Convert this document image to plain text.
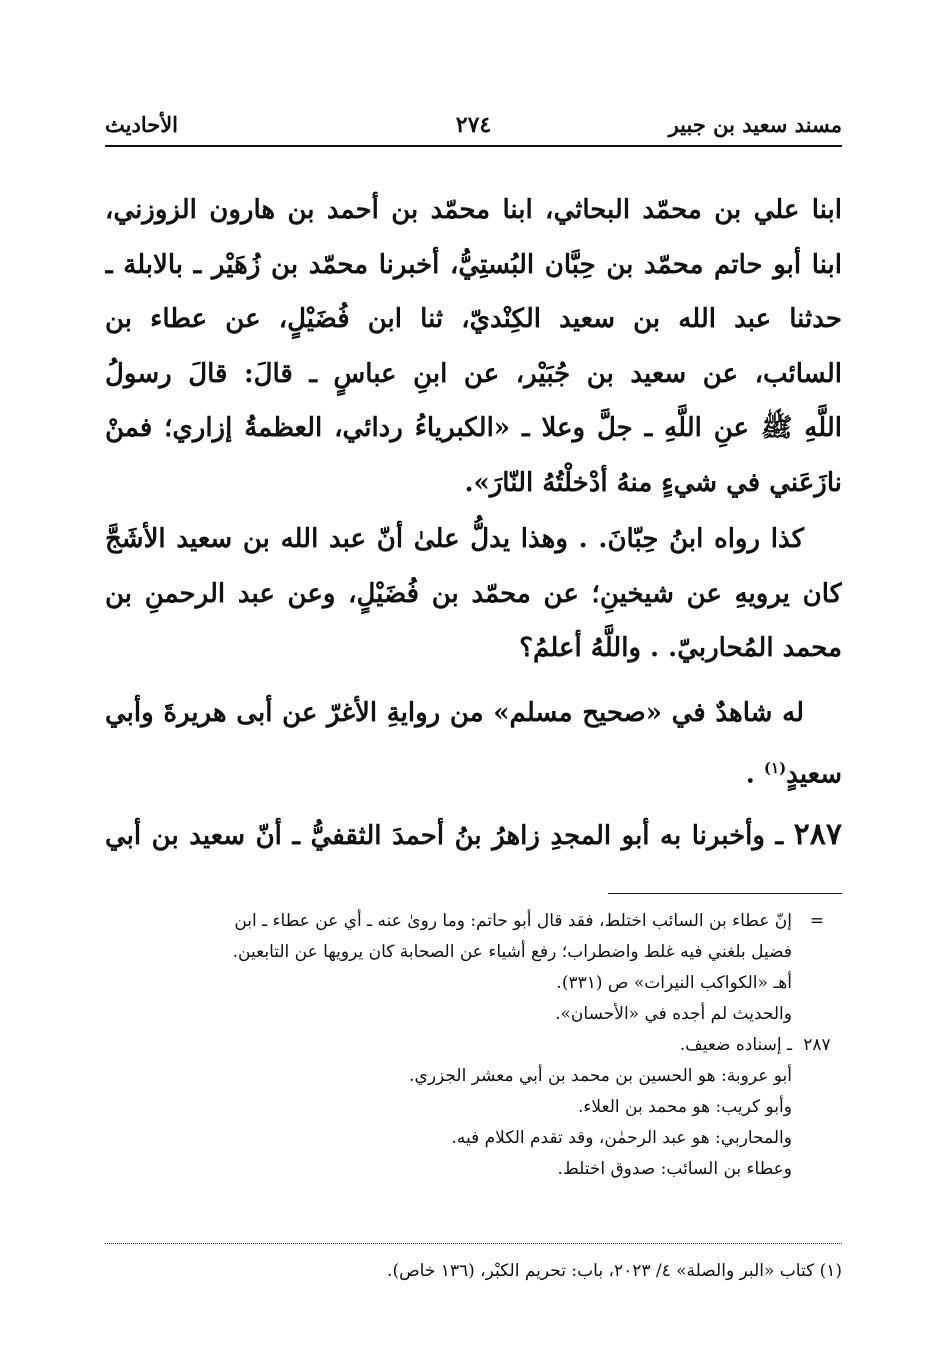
مسند سعيد بن جبير
٢٧٤
الأحاديث
ابنا علي بن محمّد البحاثي، ابنا محمّد بن أحمد بن هارون الزوزني،
ابنا أبو حاتم محمّد بن حِبَّان البُستِيُّ، أخبرنا محمّد بن زُهَيْر ـ بالابلة ـ
حدثنا عبد الله بن سعيد الكِنْديّ، ثنا ابن فُضَيْلٍ، عن عطاء بن
السائب، عن سعيد بن جُبَيْر، عن ابنِ عباسٍ ـ قالَ: قالَ رسولُ
اللَّهِ ﷺ عنِ اللَّهِ ـ جلَّ وعلا ـ «الكبرياءُ ردائي، العظمةُ إزاري؛ فمنْ
نازَعَني في شيءٍ منهُ أدْخلْتُهُ النّارَ».
كذا رواه ابنُ حِبّانَ. . وهذا يدلُّ علىٰ أنّ عبد الله بن سعيد الأشَجَّ
كان يرويهِ عن شيخينِ؛ عن محمّد بن فُضَيْلٍ، وعن عبد الرحمنِ بن
محمد المُحاربيّ. . واللَّهُ أعلمُ؟
له شاهدٌ في «صحيح مسلم» من روايةِ الأغرّ عن أبى هريرةَ وأبي
سعيدٍ$^{(١)}$ .
٢٨٧ ـ وأخبرنا به أبو المجدِ زاهرُ بنُ أحمدَ الثقفيُّ ـ أنّ سعيد بن أبي
=إنّ عطاء بن السائب اختلط، فقد قال أبو حاتم: وما روىٰ عنه ـ أي عن عطاء ـ ابن
فضيل بلغني فيه غلط واضطراب؛ رفع أشياء عن الصحابة كان يرويها عن التابعين.
أهـ «الكواكب النيرات» ص (٣٣١).
والحديث لم أجده في «الأحسان».
٢٨٧ـ إسناده ضعيف.
أبو عروبة: هو الحسين بن محمد بن أبي معشر الجزري.
وأبو كريب: هو محمد بن العلاء.
والمحاربي: هو عبد الرحمٰن، وقد تقدم الكلام فيه.
وعطاء بن السائب: صدوق اختلط.
(١) كتاب «البر والصلة» ٤/ ٢٠٢٣، باب: تحريم الكبْر، (١٣٦ خاص).
